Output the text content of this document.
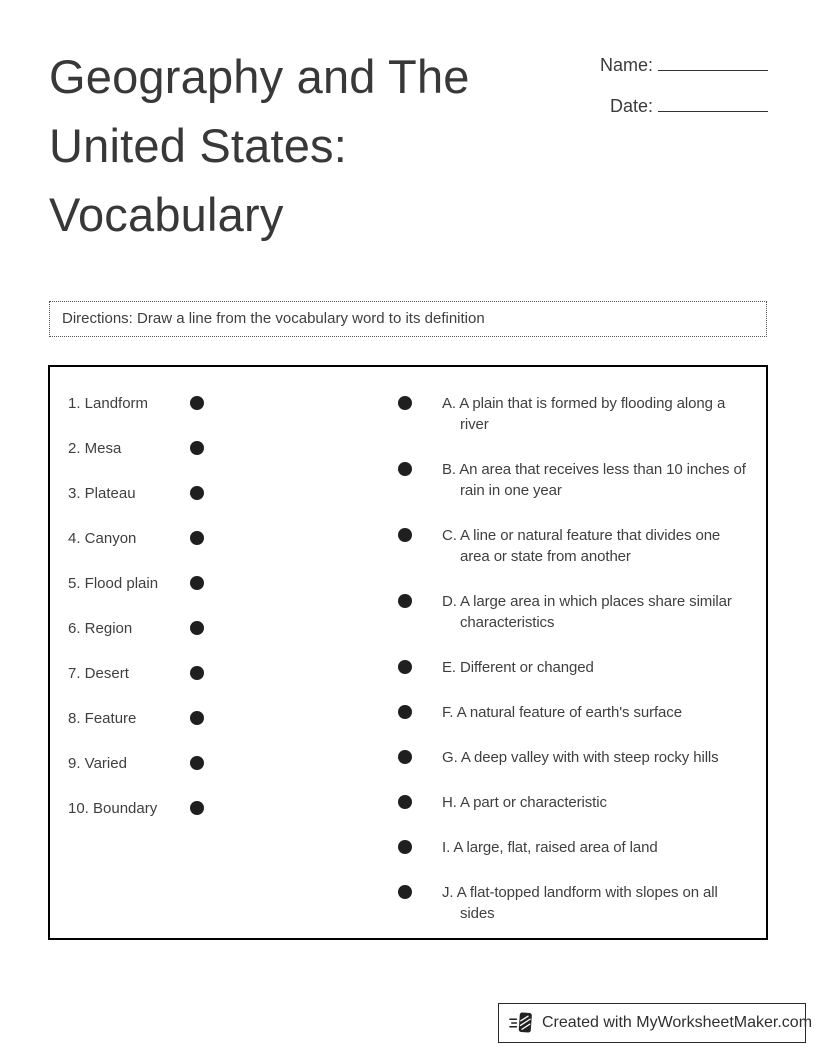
Geography and The
United States:
Vocabulary
Name:
Date:
Directions: Draw a line from the vocabulary word to its definition
1. Landform
2. Mesa
3. Plateau
4. Canyon
5. Flood plain
6. Region
7. Desert
8. Feature
9. Varied
10. Boundary
A. A plain that is formed by flooding along a river
B. An area that receives less than 10 inches of rain in one year
C. A line or natural feature that divides one area or state from another
D. A large area in which places share similar characteristics
E. Different or changed
F. A natural feature of earth's surface
G. A deep valley with with steep rocky hills
H. A part or characteristic
I. A large, flat, raised area of land
J. A flat-topped landform with slopes on all sides
Created with MyWorksheetMaker.com
